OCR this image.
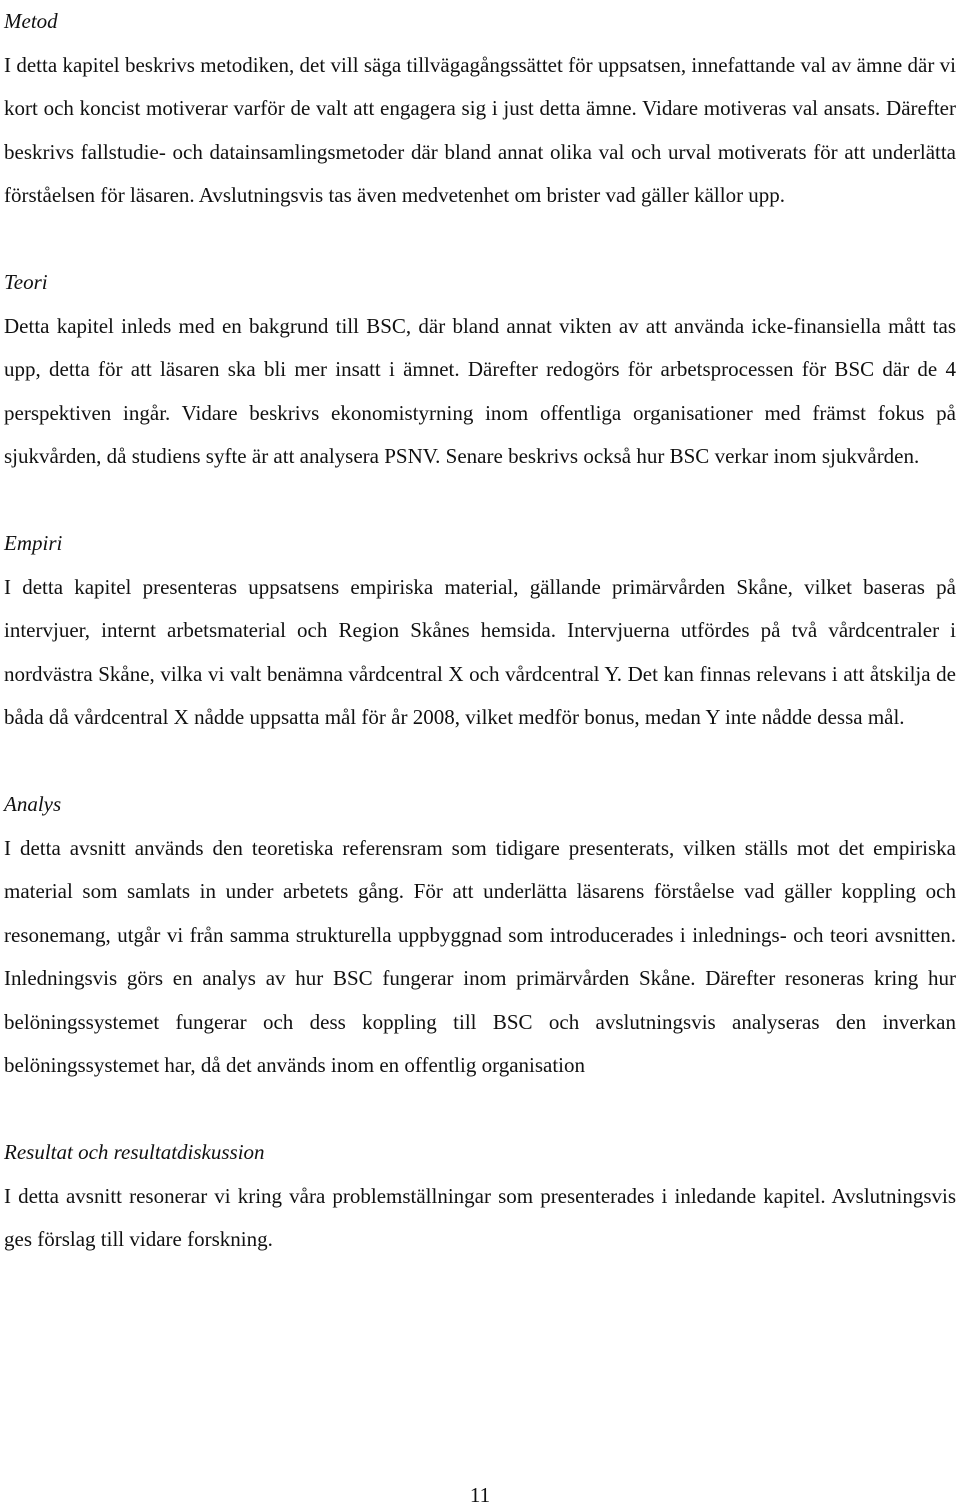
Metod

I detta kapitel beskrivs metodiken, det vill säga tillvägagångssättet för uppsatsen, innefattande val av ämne där vi kort och koncist motiverar varför de valt att engagera sig i just detta ämne. Vidare motiveras val ansats. Därefter beskrivs fallstudie- och datainsamlingsmetoder där bland annat olika val och urval motiverats för att underlätta förståelsen för läsaren. Avslutningsvis tas även medvetenhet om brister vad gäller källor upp.

Teori

Detta kapitel inleds med en bakgrund till BSC, där bland annat vikten av att använda icke-finansiella mått tas upp, detta för att läsaren ska bli mer insatt i ämnet. Därefter redogörs för arbetsprocessen för BSC där de 4 perspektiven ingår. Vidare beskrivs ekonomistyrning inom offentliga organisationer med främst fokus på sjukvården, då studiens syfte är att analysera PSNV. Senare beskrivs också hur BSC verkar inom sjukvården.

Empiri

I detta kapitel presenteras uppsatsens empiriska material, gällande primärvården Skåne, vilket baseras på intervjuer, internt arbetsmaterial och Region Skånes hemsida. Intervjuerna utfördes på två vårdcentraler i nordvästra Skåne, vilka vi valt benämna vårdcentral X och vårdcentral Y. Det kan finnas relevans i att åtskilja de båda då vårdcentral X nådde uppsatta mål för år 2008, vilket medför bonus, medan Y inte nådde dessa mål.

Analys

I detta avsnitt används den teoretiska referensram som tidigare presenterats, vilken ställs mot det empiriska material som samlats in under arbetets gång. För att underlätta läsarens förståelse vad gäller koppling och resonemang, utgår vi från samma strukturella uppbyggnad som introducerades i inlednings- och teori avsnitten. Inledningsvis görs en analys av hur BSC fungerar inom primärvården Skåne. Därefter resoneras kring hur belöningssystemet fungerar och dess koppling till BSC och avslutningsvis analyseras den inverkan belöningssystemet har, då det används inom en offentlig organisation

Resultat och resultatdiskussion

I detta avsnitt resonerar vi kring våra problemställningar som presenterades i inledande kapitel. Avslutningsvis ges förslag till vidare forskning.

11
